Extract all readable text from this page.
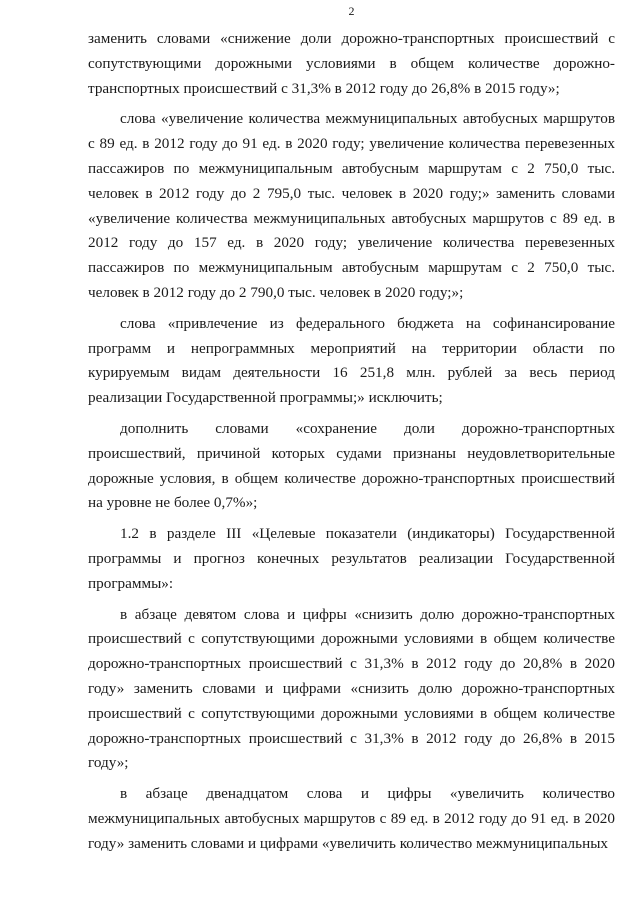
2

заменить словами «снижение доли дорожно-транспортных происшествий с сопутствующими дорожными условиями в общем количестве дорожно-транспортных происшествий с 31,3% в 2012 году до 26,8% в 2015 году»;

слова «увеличение количества межмуниципальных автобусных маршрутов с 89 ед. в 2012 году до 91 ед. в 2020 году; увеличение количества перевезенных пассажиров по межмуниципальным автобусным маршрутам с 2 750,0 тыс. человек в 2012 году до 2 795,0 тыс. человек в 2020 году;» заменить словами «увеличение количества межмуниципальных автобусных маршрутов с 89 ед. в 2012 году до 157 ед. в 2020 году; увеличение количества перевезенных пассажиров по межмуниципальным автобусным маршрутам с 2 750,0 тыс. человек в 2012 году до 2 790,0 тыс. человек в 2020 году;»;

слова «привлечение из федерального бюджета на софинансирование программ и непрограммных мероприятий на территории области по курируемым видам деятельности 16 251,8 млн. рублей за весь период реализации Государственной программы;» исключить;

дополнить словами «сохранение доли дорожно-транспортных происшествий, причиной которых судами признаны неудовлетворительные дорожные условия, в общем количестве дорожно-транспортных происшествий на уровне не более 0,7%»;

1.2 в разделе III «Целевые показатели (индикаторы) Государственной программы и прогноз конечных результатов реализации Государственной программы»:

в абзаце девятом слова и цифры «снизить долю дорожно-транспортных происшествий с сопутствующими дорожными условиями в общем количестве дорожно-транспортных происшествий с 31,3% в 2012 году до 20,8% в 2020 году» заменить словами и цифрами «снизить долю дорожно-транспортных происшествий с сопутствующими дорожными условиями в общем количестве дорожно-транспортных происшествий с 31,3% в 2012 году до 26,8% в 2015 году»;

в абзаце двенадцатом слова и цифры «увеличить количество межмуниципальных автобусных маршрутов с 89 ед. в 2012 году до 91 ед. в 2020 году» заменить словами и цифрами «увеличить количество межмуниципальных
